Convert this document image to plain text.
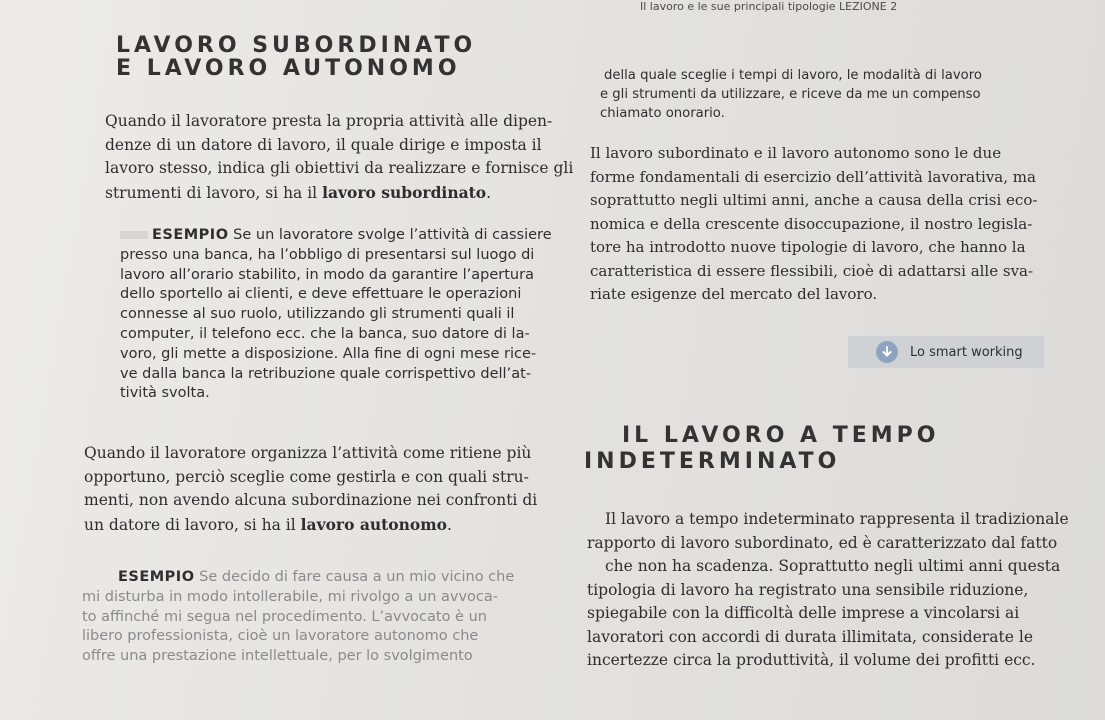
Il lavoro e le sue principali tipologie LEZIONE 2
LAVORO SUBORDINATO
E LAVORO AUTONOMO
Quando il lavoratore presta la propria attività alle dipen-
denze di un datore di lavoro, il quale dirige e imposta il
lavoro stesso, indica gli obiettivi da realizzare e fornisce gli
strumenti di lavoro, si ha il lavoro subordinato.
ESEMPIO Se un lavoratore svolge l’attività di cassiere
presso una banca, ha l’obbligo di presentarsi sul luogo di
lavoro all’orario stabilito, in modo da garantire l’apertura
dello sportello ai clienti, e deve effettuare le operazioni
connesse al suo ruolo, utilizzando gli strumenti quali il
computer, il telefono ecc. che la banca, suo datore di la-
voro, gli mette a disposizione. Alla fine di ogni mese rice-
ve dalla banca la retribuzione quale corrispettivo dell’at-
tività svolta.
Quando il lavoratore organizza l’attività come ritiene più
opportuno, perciò sceglie come gestirla e con quali stru-
menti, non avendo alcuna subordinazione nei confronti di
un datore di lavoro, si ha il lavoro autonomo.
ESEMPIO Se decido di fare causa a un mio vicino che
mi disturba in modo intollerabile, mi rivolgo a un avvoca-
to affinché mi segua nel procedimento. L’avvocato è un
libero professionista, cioè un lavoratore autonomo che
offre una prestazione intellettuale, per lo svolgimento
della quale sceglie i tempi di lavoro, le modalità di lavoro
e gli strumenti da utilizzare, e riceve da me un compenso
chiamato onorario.
Il lavoro subordinato e il lavoro autonomo sono le due
forme fondamentali di esercizio dell’attività lavorativa, ma
soprattutto negli ultimi anni, anche a causa della crisi eco-
nomica e della crescente disoccupazione, il nostro legisla-
tore ha introdotto nuove tipologie di lavoro, che hanno la
caratteristica di essere flessibili, cioè di adattarsi alle sva-
riate esigenze del mercato del lavoro.
Lo smart working
IL LAVORO A TEMPO
INDETERMINATO
Il lavoro a tempo indeterminato rappresenta il tradizionale
rapporto di lavoro subordinato, ed è caratterizzato dal fatto
che non ha scadenza. Soprattutto negli ultimi anni questa
tipologia di lavoro ha registrato una sensibile riduzione,
spiegabile con la difficoltà delle imprese a vincolarsi ai
lavoratori con accordi di durata illimitata, considerate le
incertezze circa la produttività, il volume dei profitti ecc.
